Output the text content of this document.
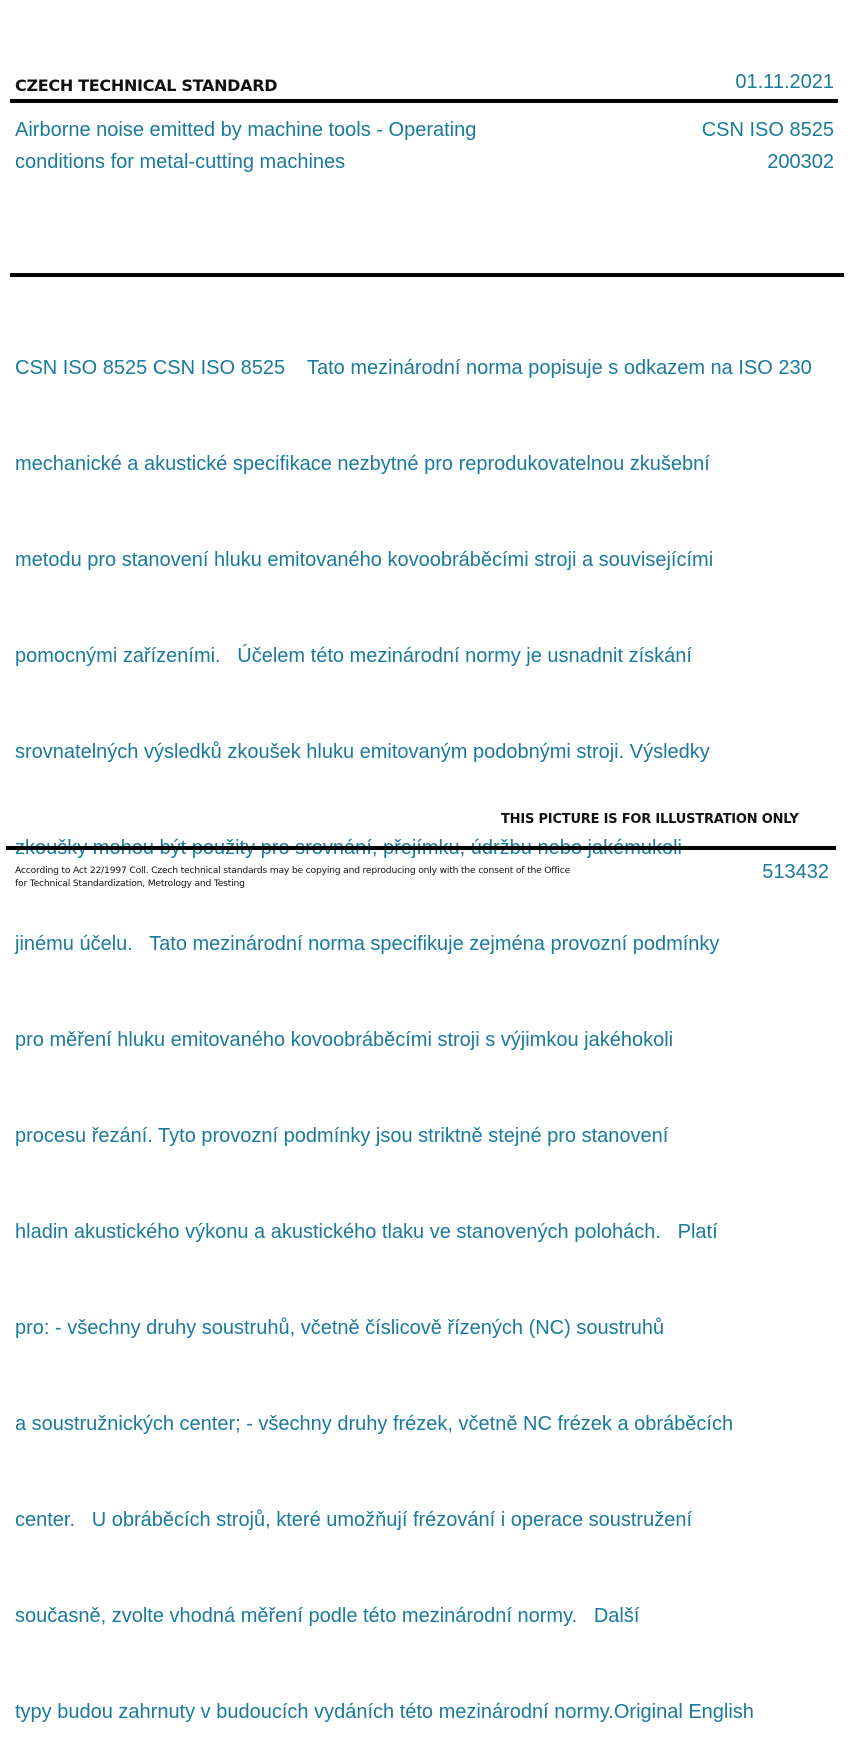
CZECH TECHNICAL STANDARD	01.11.2021
Airborne noise emitted by machine tools - Operating
conditions for metal-cutting machines
CSN ISO 8525
200302

CSN ISO 8525 CSN ISO 8525    Tato mezinárodní norma popisuje s odkazem na ISO 230

mechanické a akustické specifikace nezbytné pro reprodukovatelnou zkušební

metodu pro stanovení hluku emitovaného kovoobráběcími stroji a souvisejícími

pomocnými zařízeními.   Účelem této mezinárodní normy je usnadnit získání

srovnatelných výsledků zkoušek hluku emitovaným podobnými stroji. Výsledky

jinému účelu.   Tato mezinárodní norma specifikuje zejména provozní podmínky

pro měření hluku emitovaného kovoobráběcími stroji s výjimkou jakéhokoli

procesu řezání. Tyto provozní podmínky jsou striktně stejné pro stanovení

hladin akustického výkonu a akustického tlaku ve stanovených polohách.   Platí

pro: - všechny druhy soustruhů, včetně číslicově řízených (NC) soustruhů

a soustružnických center; - všechny druhy frézek, včetně NC frézek a obráběcích

center.   U obráběcích strojů, které umožňují frézování i operace soustružení

současně, zvolte vhodná měření podle této mezinárodní normy.   Další

typy budou zahrnuty v budoucích vydáních této mezinárodní normy.Original English

THIS PICTURE IS FOR ILLUSTRATION ONLY
According to Act 22/1997 Coll. Czech technical standards may be copying and reproducing only with the consent of the Office
for Technical Standardization, Metrology and Testing
513432
